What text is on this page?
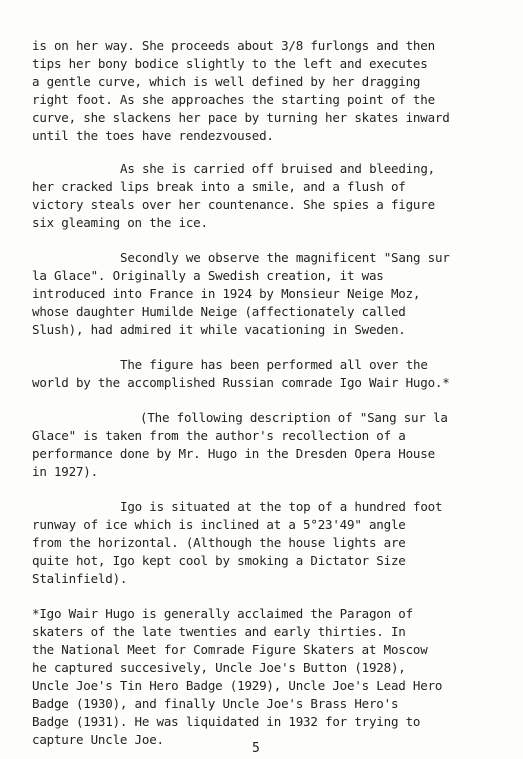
is on her way. She proceeds about 3/8 furlongs and then
tips her bony bodice slightly to the left and executes
a gentle curve, which is well defined by her dragging
right foot. As she approaches the starting point of the
curve, she slackens her pace by turning her skates inward
until the toes have rendezvoused.
As she is carried off bruised and bleeding,
her cracked lips break into a smile, and a flush of
victory steals over her countenance. She spies a figure
six gleaming on the ice.
Secondly we observe the magnificent "Sang sur
la Glace". Originally a Swedish creation, it was
introduced into France in 1924 by Monsieur Neige Moz,
whose daughter Humilde Neige (affectionately called
Slush), had admired it while vacationing in Sweden.
The figure has been performed all over the
world by the accomplished Russian comrade Igo Wair Hugo.*
(The following description of "Sang sur la
Glace" is taken from the author's recollection of a
performance done by Mr. Hugo in the Dresden Opera House
in 1927).
Igo is situated at the top of a hundred foot
runway of ice which is inclined at a 5°23'49" angle
from the horizontal. (Although the house lights are
quite hot, Igo kept cool by smoking a Dictator Size
Stalinfield).
*Igo Wair Hugo is generally acclaimed the Paragon of
skaters of the late twenties and early thirties. In
the National Meet for Comrade Figure Skaters at Moscow
he captured succesively, Uncle Joe's Button (1928),
Uncle Joe's Tin Hero Badge (1929), Uncle Joe's Lead Hero
Badge (1930), and finally Uncle Joe's Brass Hero's
Badge (1931). He was liquidated in 1932 for trying to
capture Uncle Joe.
5
